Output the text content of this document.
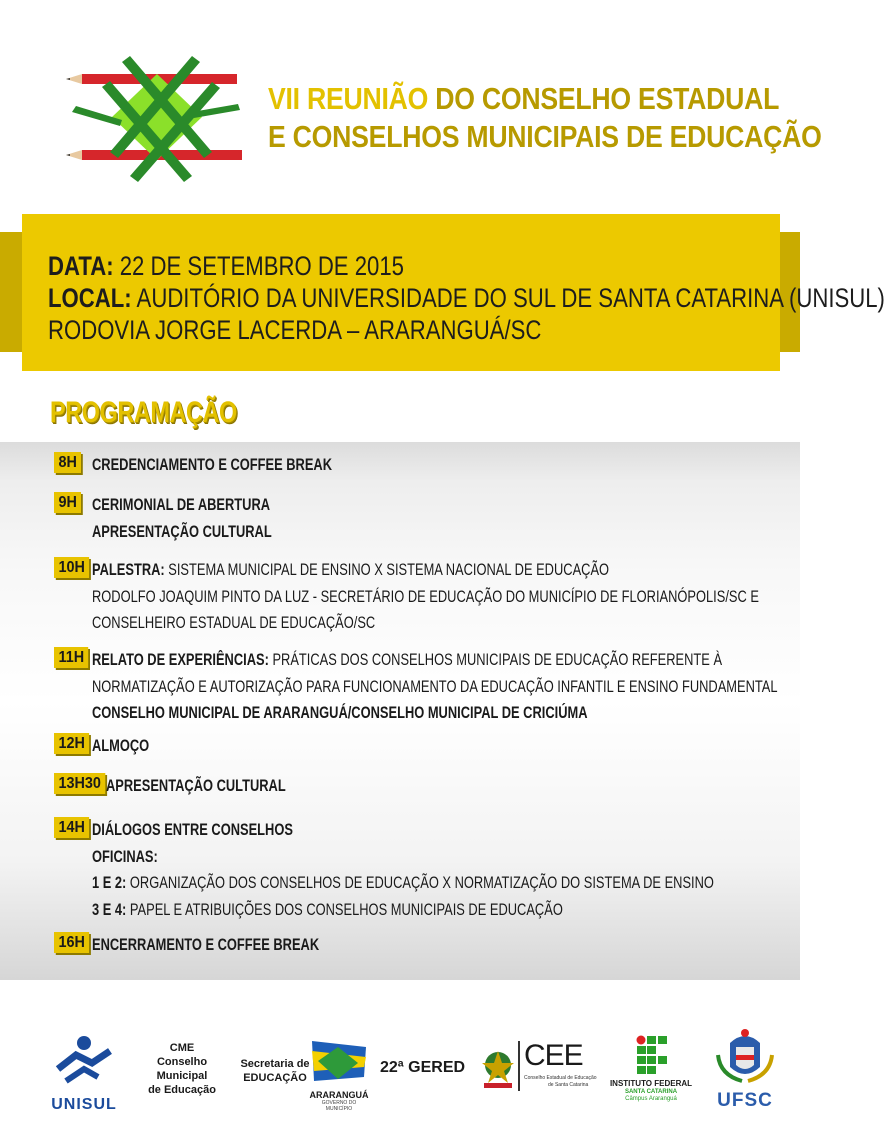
VII REUNIÃO DO CONSELHO ESTADUAL
E CONSELHOS MUNICIPAIS DE EDUCAÇÃO
DATA: 22 DE SETEMBRO DE 2015
LOCAL: AUDITÓRIO DA UNIVERSIDADE DO SUL DE SANTA CATARINA (UNISUL)
RODOVIA JORGE LACERDA – ARARANGUÁ/SC
PROGRAMAÇÃO
8H CREDENCIAMENTO E COFFEE BREAK
9H CERIMONIAL DE ABERTURA
APRESENTAÇÃO CULTURAL
10H PALESTRA: SISTEMA MUNICIPAL DE ENSINO X SISTEMA NACIONAL DE EDUCAÇÃO
RODOLFO JOAQUIM PINTO DA LUZ - SECRETÁRIO DE EDUCAÇÃO DO MUNICÍPIO DE FLORIANÓPOLIS/SC E
CONSELHEIRO ESTADUAL DE EDUCAÇÃO/SC
11H RELATO DE EXPERIÊNCIAS: PRÁTICAS DOS CONSELHOS MUNICIPAIS DE EDUCAÇÃO REFERENTE À
NORMATIZAÇÃO E AUTORIZAÇÃO PARA FUNCIONAMENTO DA EDUCAÇÃO INFANTIL E ENSINO FUNDAMENTAL
CONSELHO MUNICIPAL DE ARARANGUÁ/CONSELHO MUNICIPAL DE CRICIÚMA
12H ALMOÇO
13H30 APRESENTAÇÃO CULTURAL
14H DIÁLOGOS ENTRE CONSELHOS
OFICINAS:
1 E 2: ORGANIZAÇÃO DOS CONSELHOS DE EDUCAÇÃO X NORMATIZAÇÃO DO SISTEMA DE ENSINO
3 E 4: PAPEL E ATRIBUIÇÕES DOS CONSELHOS MUNICIPAIS DE EDUCAÇÃO
16H ENCERRAMENTO E COFFEE BREAK
UNISUL
CME
Conselho Municipal
de Educação
Secretaria de
EDUCAÇÃO
ARARANGUÁ
GOVERNO DO MUNICÍPIO
22ª GERED CEE
Conselho Estadual de Educação
de Santa Catarina	INSTITUTO FEDERAL
SANTA CATARINA
Câmpus Araranguá	UFSC
